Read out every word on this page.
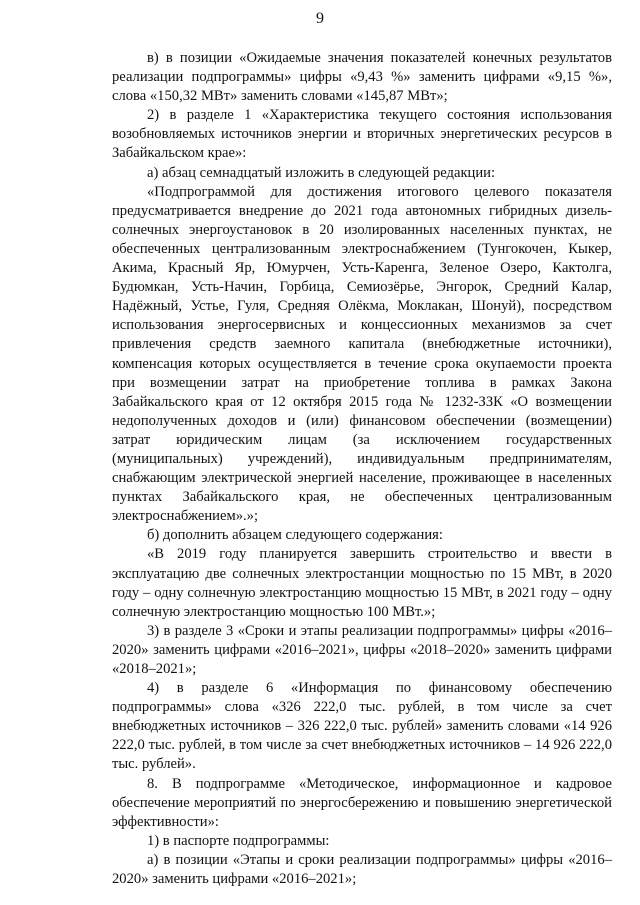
9

в) в позиции «Ожидаемые значения показателей конечных результатов реализации подпрограммы» цифры «9,43 %» заменить цифрами «9,15 %», слова «150,32 МВт» заменить словами «145,87 МВт»;

2) в разделе 1 «Характеристика текущего состояния использования возобновляемых источников энергии и вторичных энергетических ресурсов в Забайкальском крае»:

а) абзац семнадцатый изложить в следующей редакции:

«Подпрограммой для достижения итогового целевого показателя предусматривается внедрение до 2021 года автономных гибридных дизель-солнечных энергоустановок в 20 изолированных населенных пунктах, не обеспеченных централизованным электроснабжением (Тунгокочен, Кыкер, Акима, Красный Яр, Юмурчен, Усть-Каренга, Зеленое Озеро, Кактолга, Будюмкан, Усть-Начин, Горбица, Семиозёрье, Энгорок, Средний Калар, Надёжный, Устье, Гуля, Средняя Олёкма, Моклакан, Шонуй), посредством использования энергосервисных и концессионных механизмов за счет привлечения средств заемного капитала (внебюджетные источники), компенсация которых осуществляется в течение срока окупаемости проекта при возмещении затрат на приобретение топлива в рамках Закона Забайкальского края от 12 октября 2015 года № 1232-ЗЗК «О возмещении недополученных доходов и (или) финансовом обеспечении (возмещении) затрат юридическим лицам (за исключением государственных (муниципальных) учреждений), индивидуальным предпринимателям, снабжающим электрической энергией население, проживающее в населенных пунктах Забайкальского края, не обеспеченных централизованным электроснабжением».»;

б) дополнить абзацем следующего содержания:

«В 2019 году планируется завершить строительство и ввести в эксплуатацию две солнечных электростанции мощностью по 15 МВт, в 2020 году – одну солнечную электростанцию мощностью 15 МВт, в 2021 году – одну солнечную электростанцию мощностью 100 МВт.»;

3) в разделе 3 «Сроки и этапы реализации подпрограммы» цифры «2016–2020» заменить цифрами «2016–2021», цифры «2018–2020» заменить цифрами «2018–2021»;

4) в разделе 6 «Информация по финансовому обеспечению подпрограммы» слова «326 222,0 тыс. рублей, в том числе за счет внебюджетных источников – 326 222,0 тыс. рублей» заменить словами «14 926 222,0 тыс. рублей, в том числе за счет внебюджетных источников – 14 926 222,0 тыс. рублей».

8. В подпрограмме «Методическое, информационное и кадровое обеспечение мероприятий по энергосбережению и повышению энергетической эффективности»:

1) в паспорте подпрограммы:

а) в позиции «Этапы и сроки реализации подпрограммы» цифры «2016–2020» заменить цифрами «2016–2021»;
